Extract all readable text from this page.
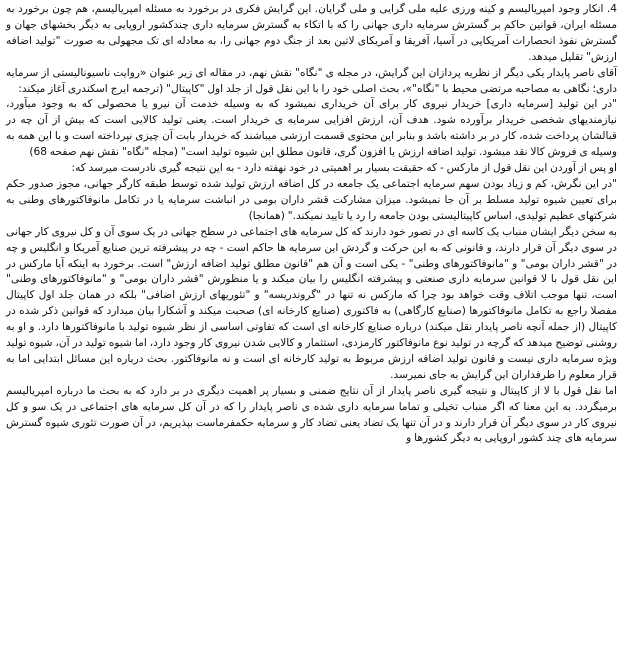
4. انکار وجود امپریالیسم و کینه ورزی علیه ملی گرایی و ملی گرایان. این گرایش فکری در برخورد به مسئله امپریالیسم، هم چون برخورد به مسئله ایران، قوانین حاکم بر گسترش سرمایه داری جهانی را که با اتکاء به گسترش سرمایه داری چندکشور اروپایی به دیگر بخشهای جهان و گسترش نفوذ انحصارات آمریکایی در آسیا، آفریقا و آمریکای لاتین بعد از جنگ دوم جهانی را، به معادله ای تک مجهولی به صورت "تولید اضافه ارزش" تقلیل میدهد.

آقای ناصر پایدار یکی دیگر از نظریه پردازان این گرایش، در مجله ی "نگاه" نقش نهم، در مقاله ای زیر عنوان «روایت ناسیونالیستی از سرمایه داری؛ نگاهی به مصاحبه مرتضی محیط با "نگاه"»، بحث اصلی خود را با این نقل قول از جلد اول "کاپیتال" (ترجمه ایرج اسکندری آغاز میکند:

"در این تولید [سرمایه داری] خریدار نیروی کار برای آن خریداری نمیشود که به وسیله خدمت آن نیرو یا محصولی که به وجود میآورد، نیازمندیهای شخصی خریدار برآورده شود. هدف آن، ارزش افزایی سرمایه ی خریدار است. یعنی تولید کالایی است که بیش از آن چه در قبالشان پرداخت شده، کار در بر داشته باشد و بنابر این محتوی قسمت ارزشی میباشند که خریدار بابت آن چیزی نپرداخته است و با این همه به وسیله ی فروش کالا نقد میشود. تولید اضافه ارزش یا افزون گری، قانون مطلق این شیوه تولید است" (مجله "نگاه" نقش نهم صفحه 68)

او پس از آوردن این نقل قول از مارکس - که حقیقت بسیار بر اهمیتی در خود نهفته دارد - به این نتیجه گیری نادرست میرسد که:

"در این نگرش، کم و زیاد بودن سهم سرمایه اجتماعی یک جامعه در کل اضافه ارزش تولید شده توسط طبقه کارگر جهانی، مجوز صدور حکم برای تعیین شیوه تولید مسلط بر آن جا نمیشود. میزان مشارکت قشر داران بومی در انباشت سرمایه یا در تکامل مانوفاکتورهای وطنی به شرکتهای عظیم تولیدی، اساس کاپیتالیستی بودن جامعه را رد یا تایید نمیکند." (همانجا)

به سخن دیگر ایشان منباب یک کاسه ای در تصور خود دارند که کل سرمایه های اجتماعی در سطح جهانی در یک سوی آن و کل نیروی کار جهانی در سوی دیگر آن قرار دارند، و قانونی که به این حرکت و گردش این سرمایه ها حاکم است - چه در پیشرفته ترین صنایع آمریکا و انگلیس و چه در "قشر داران بومی" و "مانوفاکتورهای وطنی" - یکی است و آن هم "قانون مطلق تولید اضافه ارزش" است. برخورد به اینکه آیا مارکس در این نقل قول با لا قوانین سرمایه داری صنعتی و پیشرفته انگلیس را بیان میکند و یا منظورش "قشر داران بومی" و "مانوفاکتورهای وطنی" است، تنها موجب اتلاف وقت خواهد بود چرا که مارکس نه تنها در "گروندریسه" و "تئوریهای ارزش اضافی" بلکه در همان جلد اول کاپیتال مفصلا راجع به تکامل مانوفاکتورها (صنایع کارگاهی) به فاکتوری (صنایع کارخانه ای) صحبت میکند و آشکارا بیان میدارد که قوانین ذکر شده در کاپیتال (از جمله آنچه ناصر پایدار نقل میکند) درباره صنایع کارخانه ای است که تفاوتی اساسی از نظر شیوه تولید با مانوفاکتورها دارد. و او به روشنی توضیح میدهد که گرچه در تولید نوع مانوفاکتور کارمزدی، استثمار و کالایی شدن نیروی کار وجود دارد، اما شیوه تولید در آن، شیوه تولید ویژه سرمایه داری نیست و قانون تولید اضافه ارزش مربوط به تولید کارخانه ای است و نه مانوفاکتور. بحث درباره این مسائل ابتدایی اما به قرار معلوم را طرفداران این گرایش به جای نمیرسد.

اما نقل قول با لا از کاپیتال و نتیجه گیری ناصر پایدار از آن نتایج ضمنی و بسیار پر اهمیت دیگری در بر دارد که به بحث ما درباره امپریالیسم برمیگردد. به این معنا که اگر منباب تخیلی و تماما سرمایه داری شده ی ناصر پایدار را که در آن کل سرمایه های اجتماعی در یک سو و کل نیروی کار در سوی دیگر آن قرار دارند و در آن تنها یک تضاد یعنی تضاد کار و سرمایه حکمفرماست بپذیریم، در آن صورت تئوری شیوه گسترش سرمایه های چند کشور اروپایی به دیگر کشورها و
